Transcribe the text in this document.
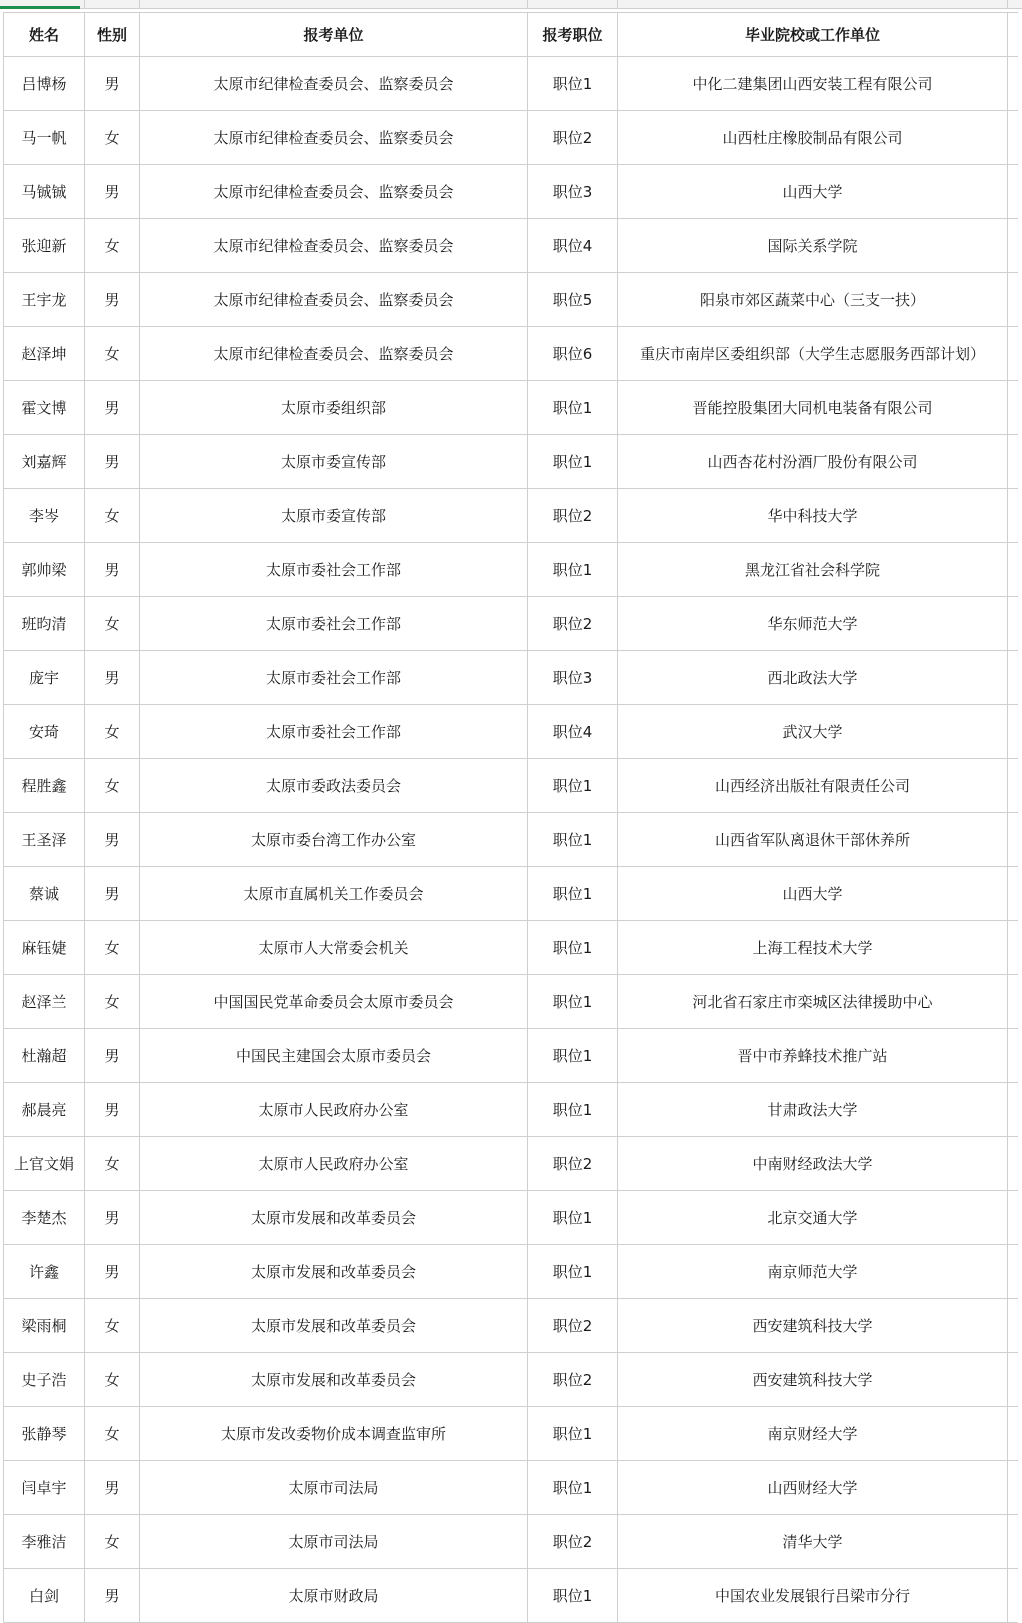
姓名	性别	报考单位	报考职位	毕业院校或工作单位	
吕博杨	男	太原市纪律检查委员会、监察委员会	职位1	中化二建集团山西安装工程有限公司	
马一帆	女	太原市纪律检查委员会、监察委员会	职位2	山西杜庄橡胶制品有限公司	
马铖铖	男	太原市纪律检查委员会、监察委员会	职位3	山西大学	
张迎新	女	太原市纪律检查委员会、监察委员会	职位4	国际关系学院	
王宇龙	男	太原市纪律检查委员会、监察委员会	职位5	阳泉市郊区蔬菜中心（三支一扶）	
赵泽坤	女	太原市纪律检查委员会、监察委员会	职位6	重庆市南岸区委组织部（大学生志愿服务西部计划）	
霍文博	男	太原市委组织部	职位1	晋能控股集团大同机电装备有限公司	
刘嘉辉	男	太原市委宣传部	职位1	山西杏花村汾酒厂股份有限公司	
李岑	女	太原市委宣传部	职位2	华中科技大学	
郭帅梁	男	太原市委社会工作部	职位1	黑龙江省社会科学院	
班昀清	女	太原市委社会工作部	职位2	华东师范大学	
庞宇	男	太原市委社会工作部	职位3	西北政法大学	
安琦	女	太原市委社会工作部	职位4	武汉大学	
程胜鑫	女	太原市委政法委员会	职位1	山西经济出版社有限责任公司	
王圣泽	男	太原市委台湾工作办公室	职位1	山西省军队离退休干部休养所	
蔡诚	男	太原市直属机关工作委员会	职位1	山西大学	
麻钰婕	女	太原市人大常委会机关	职位1	上海工程技术大学	
赵泽兰	女	中国国民党革命委员会太原市委员会	职位1	河北省石家庄市栾城区法律援助中心	
杜瀚超	男	中国民主建国会太原市委员会	职位1	晋中市养蜂技术推广站	
郝晨亮	男	太原市人民政府办公室	职位1	甘肃政法大学	
上官文娟	女	太原市人民政府办公室	职位2	中南财经政法大学	
李楚杰	男	太原市发展和改革委员会	职位1	北京交通大学	
许鑫	男	太原市发展和改革委员会	职位1	南京师范大学	
梁雨桐	女	太原市发展和改革委员会	职位2	西安建筑科技大学	
史子浩	女	太原市发展和改革委员会	职位2	西安建筑科技大学	
张静琴	女	太原市发改委物价成本调查监审所	职位1	南京财经大学	
闫卓宇	男	太原市司法局	职位1	山西财经大学	
李雅洁	女	太原市司法局	职位2	清华大学	
白剑	男	太原市财政局	职位1	中国农业发展银行吕梁市分行	
